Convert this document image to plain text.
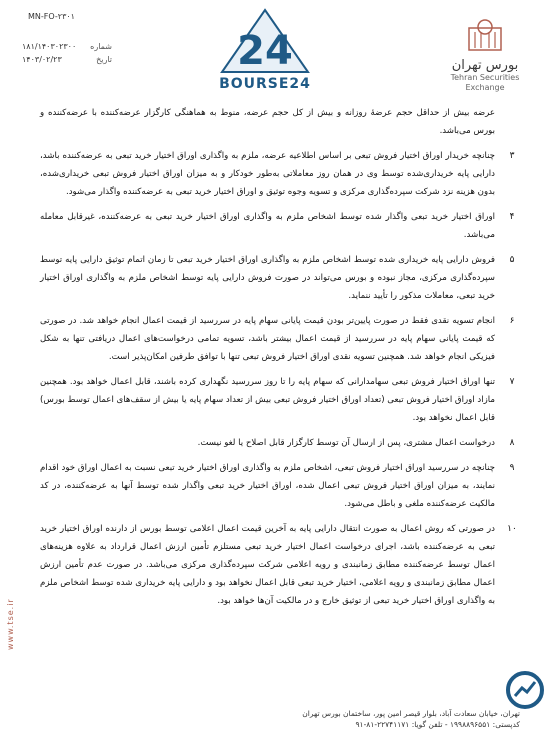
MN-FO-۲۳۰۱
شماره
۱۸۱/۱۴۰۳۰۲۳۰۰
تاریخ
۱۴۰۳/۰۲/۲۳	24
BOURSE24
بورس تهران
Tehran Securities
Exchange

عرضه بیش از حداقل حجم عرضهٔ روزانه و بیش از کل حجم عرضه، منوط به هماهنگی کارگزار عرضه‌کننده با عرضه‌کننده و بورس می‌باشد.

۳
چنانچه خریدار اوراق اختیار فروش تبعی بر اساس اطلاعیه عرضه، ملزم به واگذاری اوراق اختیار خرید تبعی به عرضه‌کننده باشد، دارایی پایه خریداری‌شده توسط وی در همان روز معاملاتی به‌طور خودکار و به میزان اوراق اختیار فروش تبعی خریداری‌شده، بدون هزینه نزد شرکت سپرده‌گذاری مرکزی و تسویه وجوه توثیق و اوراق اختیار خرید تبعی به عرضه‌کننده واگذار می‌شود.

۴
اوراق اختیار خرید تبعی واگذار شده توسط اشخاص ملزم به واگذاری اوراق اختیار خرید تبعی به عرضه‌کننده، غیرقابل معامله می‌باشد.

۵
فروش دارایی پایه خریداری شده توسط اشخاص ملزم به واگذاری اوراق اختیار خرید تبعی تا زمان اتمام توثیق دارایی پایه توسط سپرده‌گذاری مرکزی، مجاز نبوده و بورس می‌تواند در صورت فروش دارایی پایه توسط اشخاص ملزم به واگذاری اوراق اختیار خرید تبعی، معاملات مذکور را تأیید ننماید.

۶
انجام تسویه نقدی فقط در صورت پایین‌تر بودن قیمت پایانی سهام پایه در سررسید از قیمت اعمال انجام خواهد شد. در صورتی که قیمت پایانی سهام پایه در سررسید از قیمت اعمال بیشتر باشد، تسویه تمامی درخواست‌های اعمال دریافتی تنها به شکل فیزیکی انجام خواهد شد. همچنین تسویه نقدی اوراق اختیار فروش تبعی تنها با توافق طرفین امکان‌پذیر است.

۷
تنها اوراق اختیار فروش تبعی سهامدارانی که سهام پایه را تا روز سررسید نگهداری کرده باشند، قابل اعمال خواهد بود. همچنین مازاد اوراق اختیار فروش تبعی (تعداد اوراق اختیار فروش تبعی بیش از تعداد سهام پایه یا بیش از سقف‌های اعمال توسط بورس) قابل اعمال نخواهد بود.

۸
درخواست اعمال مشتری، پس از ارسال آن توسط کارگزار قابل اصلاح یا لغو نیست.

۹
چنانچه در سررسید اوراق اختیار فروش تبعی، اشخاص ملزم به واگذاری اوراق اختیار خرید تبعی نسبت به اعمال اوراق خود اقدام نمایند، به میزان اوراق اختیار فروش تبعی اعمال شده، اوراق اختیار خرید تبعی واگذار شده توسط آنها به عرضه‌کننده، در کد مالکیت عرضه‌کننده ملغی و باطل می‌شود.

۱۰
در صورتی که روش اعمال به صورت انتقال دارایی پایه به آخرین قیمت اعمال اعلامی توسط بورس از دارنده اوراق اختیار خرید تبعی به عرضه‌کننده باشد، اجرای درخواست اعمال اختیار خرید تبعی مستلزم تأمین ارزش اعمال قرارداد به علاوه هزینه‌های اعمال توسط عرضه‌کننده مطابق زمانبندی و رویه اعلامی شرکت سپرده‌گذاری مرکزی می‌باشد. در صورت عدم تأمین ارزش اعمال مطابق زمانبندی و رویه اعلامی، اختیار خرید تبعی قابل اعمال نخواهد بود و دارایی پایه خریداری شده توسط اشخاص ملزم به واگذاری اوراق اختیار خرید تبعی از توثیق خارج و در مالکیت آن‌ها خواهد بود.

www.tse.ir
تهران، خیابان سعادت آباد، بلوار قیصر امین پور، ساختمان بورس تهران
کدپستی: ۱۹۹۸۸۹۶۵۵۱ - تلفن گویا: ۲۲۷۴۱۱۷۱-۸۱-۹۱
